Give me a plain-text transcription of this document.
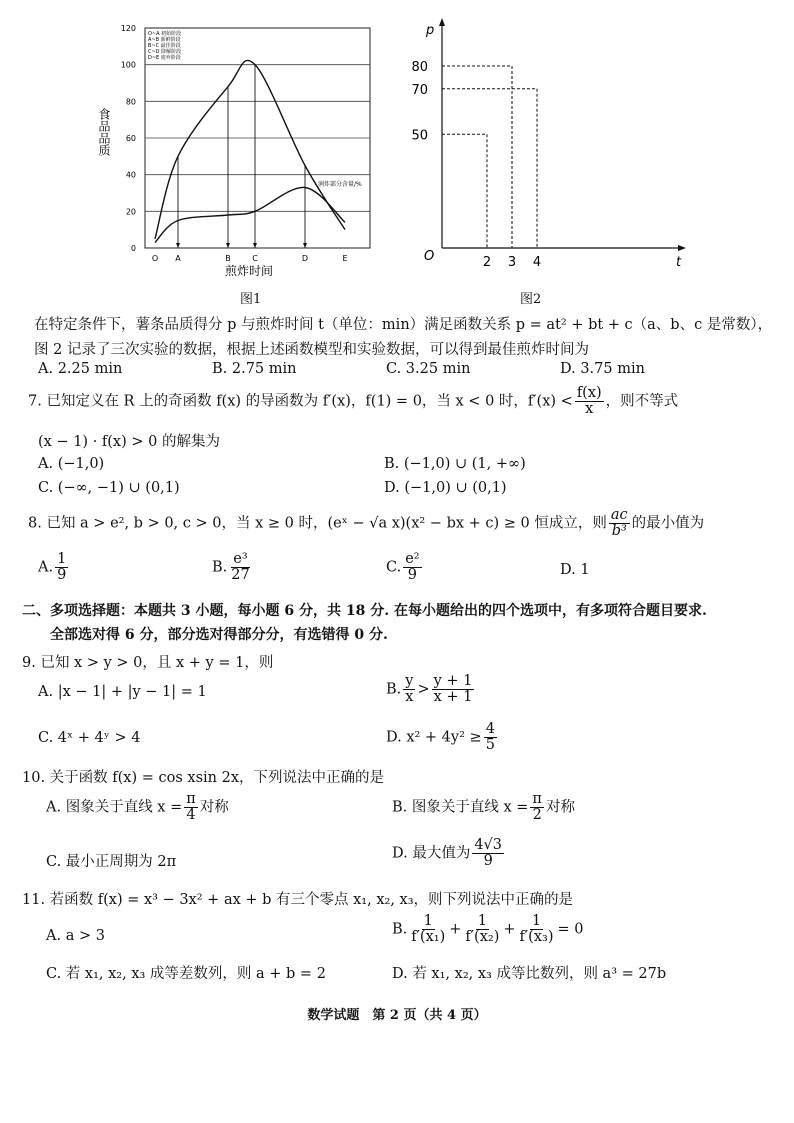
食品品质
120
100
80
60
40
20
0
O~A 初始阶段
A~B 新鲜阶段
B~C 最佳阶段
C~D 降解阶段
D~E 废弃阶段
润炸部分含量/%
O A	B	C	D	E
煎炸时间
图1
p
t
O
80
70
50
2 3 4
图2
在特定条件下，薯条品质得分 p 与煎炸时间 t（单位：min）满足函数关系 p = at² + bt + c（a、b、c 是常数），
图 2 记录了三次实验的数据，根据上述函数模型和实验数据，可以得到最佳煎炸时间为
A. 2.25 min	B. 2.75 min	C. 3.25 min	D. 3.75 min
7. 已知定义在 R 上的奇函数 f(x) 的导函数为 f′(x)，f(1) = 0，当 x < 0 时，$f'(x) < \frac{f(x)}{x}$ ，则不等式
(x − 1) · f(x) > 0 的解集为
A. (−1,0)	B. (−1,0) ∪ (1, +∞)
C. (−∞, −1) ∪ (0,1)	D. (−1,0) ∪ (0,1)
8. 已知 a > e², b > 0, c > 0，当 x ≥ 0 时，(eˣ − √a x)(x² − bx + c) ≥ 0 恒成立，则 $\frac{ac}{\text{b³}}$ 的最小值为
A. $\frac{1}{9}$	B. $\frac{\text{e³}}{27}$	C. $\frac{\text{e²}}{9}$	D. 1
二、多项选择题：本题共 3 小题，每小题 6 分，共 18 分. 在每小题给出的四个选项中，有多项符合题目要求.
全部选对得 6 分，部分选对得部分分，有选错得 0 分.
9. 已知 x > y > 0，且 x + y = 1，则
A. |x − 1| + |y − 1| = 1	B. $\frac{y}{x} > \frac{y + 1}{x + 1}$
C. 4ˣ + 4ʸ > 4	D. $x^2 + 4y^2 \ge \frac{4}{5}$
10. 关于函数 f(x) = cos xsin 2x，下列说法中正确的是
A. 图象关于直线 $x = \frac{\pi}{4}$ 对称	B. 图象关于直线 $x = \frac{\pi}{2}$ 对称
C. 最小正周期为 2π
D. 最大值为 $\frac{4√3}{9}$
11. 若函数 f(x) = x³ − 3x² + ax + b 有三个零点 x₁, x₂, x₃，则下列说法中正确的是
A. a > 3	B. $\frac{1}{\text{f′(x₁)}} + \frac{1}{\text{f′(x₂)}} + \frac{1}{\text{f′(x₃)}} = 0$
C. 若 x₁, x₂, x₃ 成等差数列，则 a + b = 2	D. 若 x₁, x₂, x₃ 成等比数列，则 a³ = 27b
数学试题　第 2 页（共 4 页）
